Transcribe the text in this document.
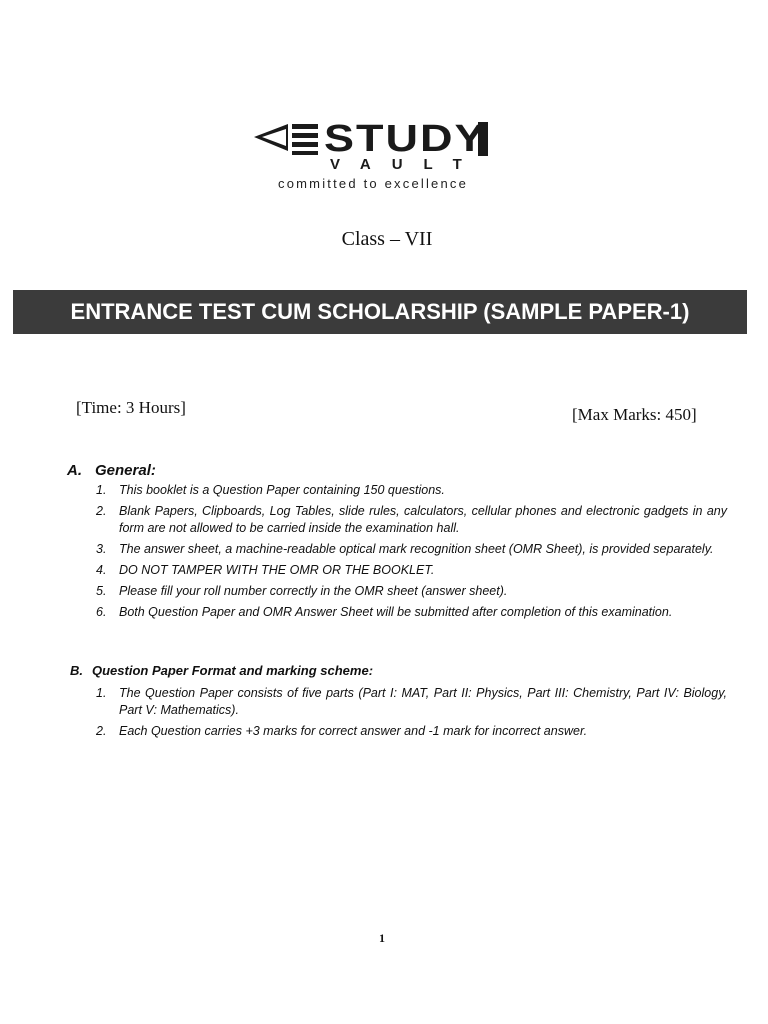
STUDY
VAULT
committed to excellence
Class – VII
ENTRANCE TEST CUM SCHOLARSHIP (SAMPLE PAPER-1)
[Time: 3 Hours]	[Max Marks: 450]
A. General:
1. This booklet is a Question Paper containing 150 questions.
2. Blank Papers, Clipboards, Log Tables, slide rules, calculators, cellular phones and electronic gadgets in any form are not allowed to be carried inside the examination hall.
3. The answer sheet, a machine-readable optical mark recognition sheet (OMR Sheet), is provided separately.
4. DO NOT TAMPER WITH THE OMR OR THE BOOKLET.
5. Please fill your roll number correctly in the OMR sheet (answer sheet).
6. Both Question Paper and OMR Answer Sheet will be submitted after completion of this examination.
B. Question Paper Format and marking scheme:
1. The Question Paper consists of five parts (Part I: MAT, Part II: Physics, Part III: Chemistry, Part IV: Biology, Part V: Mathematics).
2. Each Question carries +3 marks for correct answer and -1 mark for incorrect answer.
1
